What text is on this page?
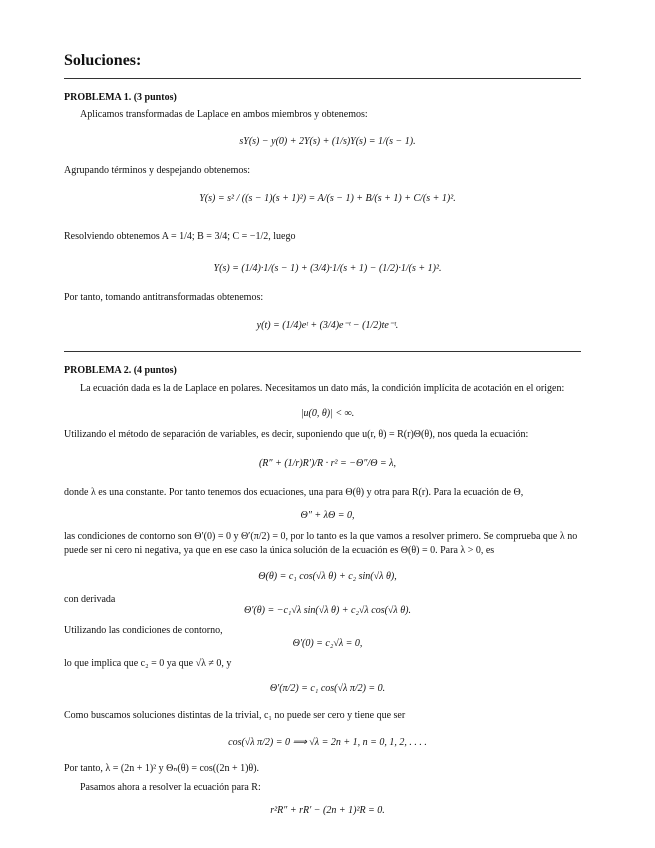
Soluciones:
PROBLEMA 1. (3 puntos)
Aplicamos transformadas de Laplace en ambos miembros y obtenemos:
sY(s) − y(0) + 2Y(s) + (1/s)Y(s) = 1/(s − 1).
Agrupando términos y despejando obtenemos:
Y(s) = s² / ((s − 1)(s + 1)²) = A/(s − 1) + B/(s + 1) + C/(s + 1)².
Resolviendo obtenemos A = 1/4; B = 3/4; C = −1/2, luego
Y(s) = (1/4)·1/(s − 1) + (3/4)·1/(s + 1) − (1/2)·1/(s + 1)².
Por tanto, tomando antitransformadas obtenemos:
y(t) = (1/4)eᵗ + (3/4)e⁻ᵗ − (1/2)te⁻ᵗ.
PROBLEMA 2. (4 puntos)
La ecuación dada es la de Laplace en polares. Necesitamos un dato más, la condición implícita de acotación en el origen:
|u(0, θ)| < ∞.
Utilizando el método de separación de variables, es decir, suponiendo que u(r, θ) = R(r)Θ(θ), nos queda la ecuación:
(R″ + (1/r)R′)/R · r² = −Θ″/Θ = λ,
donde λ es una constante. Por tanto tenemos dos ecuaciones, una para Θ(θ) y otra para R(r). Para la ecuación de Θ,
Θ″ + λΘ = 0,
las condiciones de contorno son Θ′(0) = 0 y Θ′(π/2) = 0, por lo tanto es la que vamos a resolver primero. Se comprueba que λ no puede ser ni cero ni negativa, ya que en ese caso la única solución de la ecuación es Θ(θ) = 0. Para λ > 0, es
Θ(θ) = c₁ cos(√λ θ) + c₂ sin(√λ θ),
con derivada
Θ′(θ) = −c₁√λ sin(√λ θ) + c₂√λ cos(√λ θ).
Utilizando las condiciones de contorno,
Θ′(0) = c₂√λ = 0,
lo que implica que c₂ = 0 ya que √λ ≠ 0, y
Θ′(π/2) = c₁ cos(√λ π/2) = 0.
Como buscamos soluciones distintas de la trivial, c₁ no puede ser cero y tiene que ser
cos(√λ π/2) = 0 ⟹ √λ = 2n + 1, n = 0, 1, 2, . . . .
Por tanto, λ = (2n + 1)² y Θₙ(θ) = cos((2n + 1)θ).
Pasamos ahora a resolver la ecuación para R:
r²R″ + rR′ − (2n + 1)²R = 0.
